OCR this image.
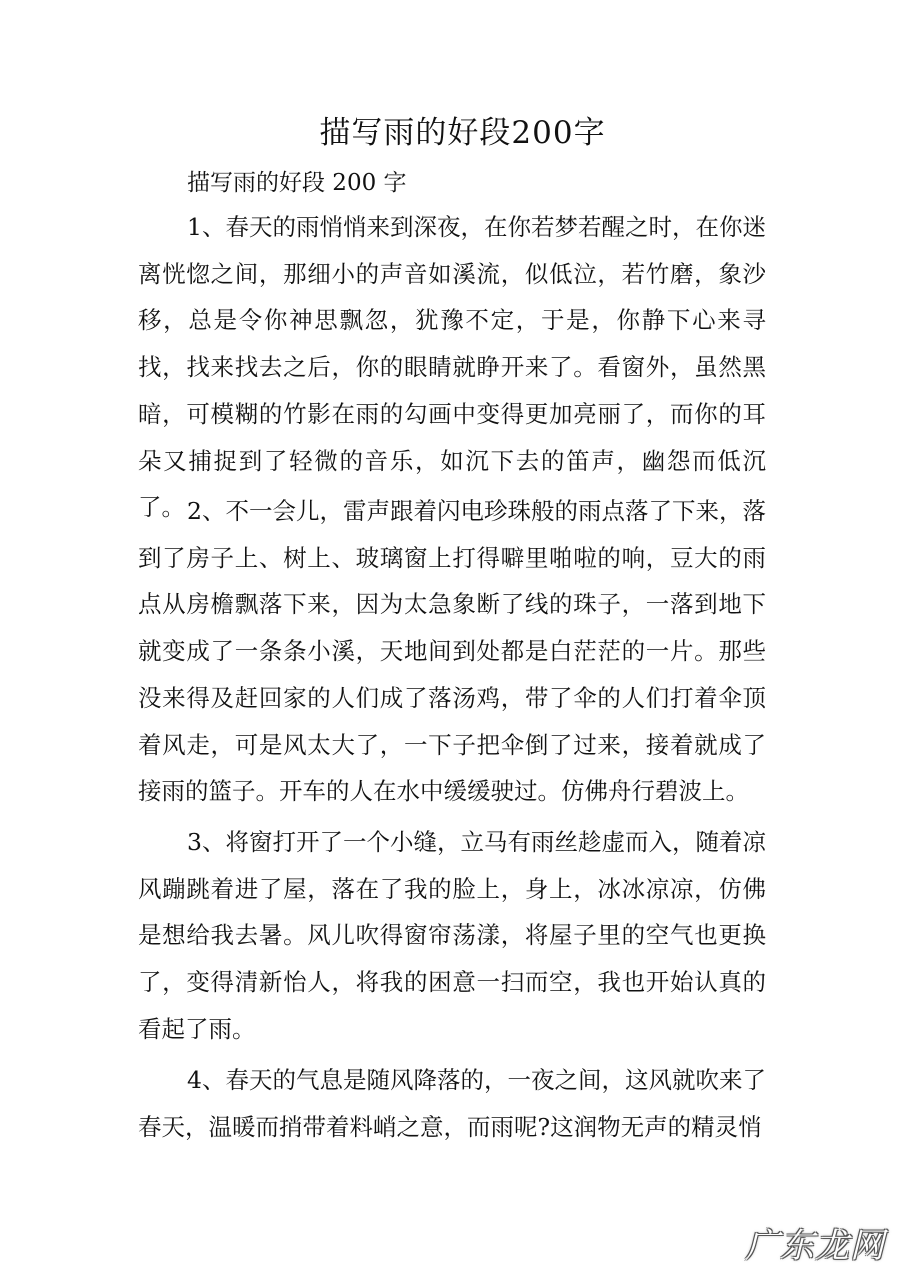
描写雨的好段200字

描写雨的好段 200 字

1、春天的雨悄悄来到深夜，在你若梦若醒之时，在你迷离恍惚之间，那细小的声音如溪流，似低泣，若竹磨，象沙移，总是令你神思飘忽，犹豫不定，于是，你静下心来寻找，找来找去之后，你的眼睛就睁开来了。看窗外，虽然黑暗，可模糊的竹影在雨的勾画中变得更加亮丽了，而你的耳朵又捕捉到了轻微的音乐，如沉下去的笛声，幽怨而低沉了。 2、不一会儿，雷声跟着闪电珍珠般的雨点落了下来，落到了房子上、树上、玻璃窗上打得噼里啪啦的响，豆大的雨点从房檐飘落下来，因为太急象断了线的珠子，一落到地下就变成了一条条小溪，天地间到处都是白茫茫的一片。那些没来得及赶回家的人们成了落汤鸡，带了伞的人们打着伞顶着风走，可是风太大了，一下子把伞倒了过来，接着就成了接雨的篮子。开车的人在水中缓缓驶过。仿佛舟行碧波上。

3、将窗打开了一个小缝，立马有雨丝趁虚而入，随着凉风蹦跳着进了屋，落在了我的脸上，身上，冰冰凉凉，仿佛是想给我去暑。风儿吹得窗帘荡漾，将屋子里的空气也更换了，变得清新怡人，将我的困意一扫而空，我也开始认真的看起了雨。

4、春天的气息是随风降落的，一夜之间，这风就吹来了春天，温暖而捎带着料峭之意，而雨呢?这润物无声的精灵悄

广东龙网
